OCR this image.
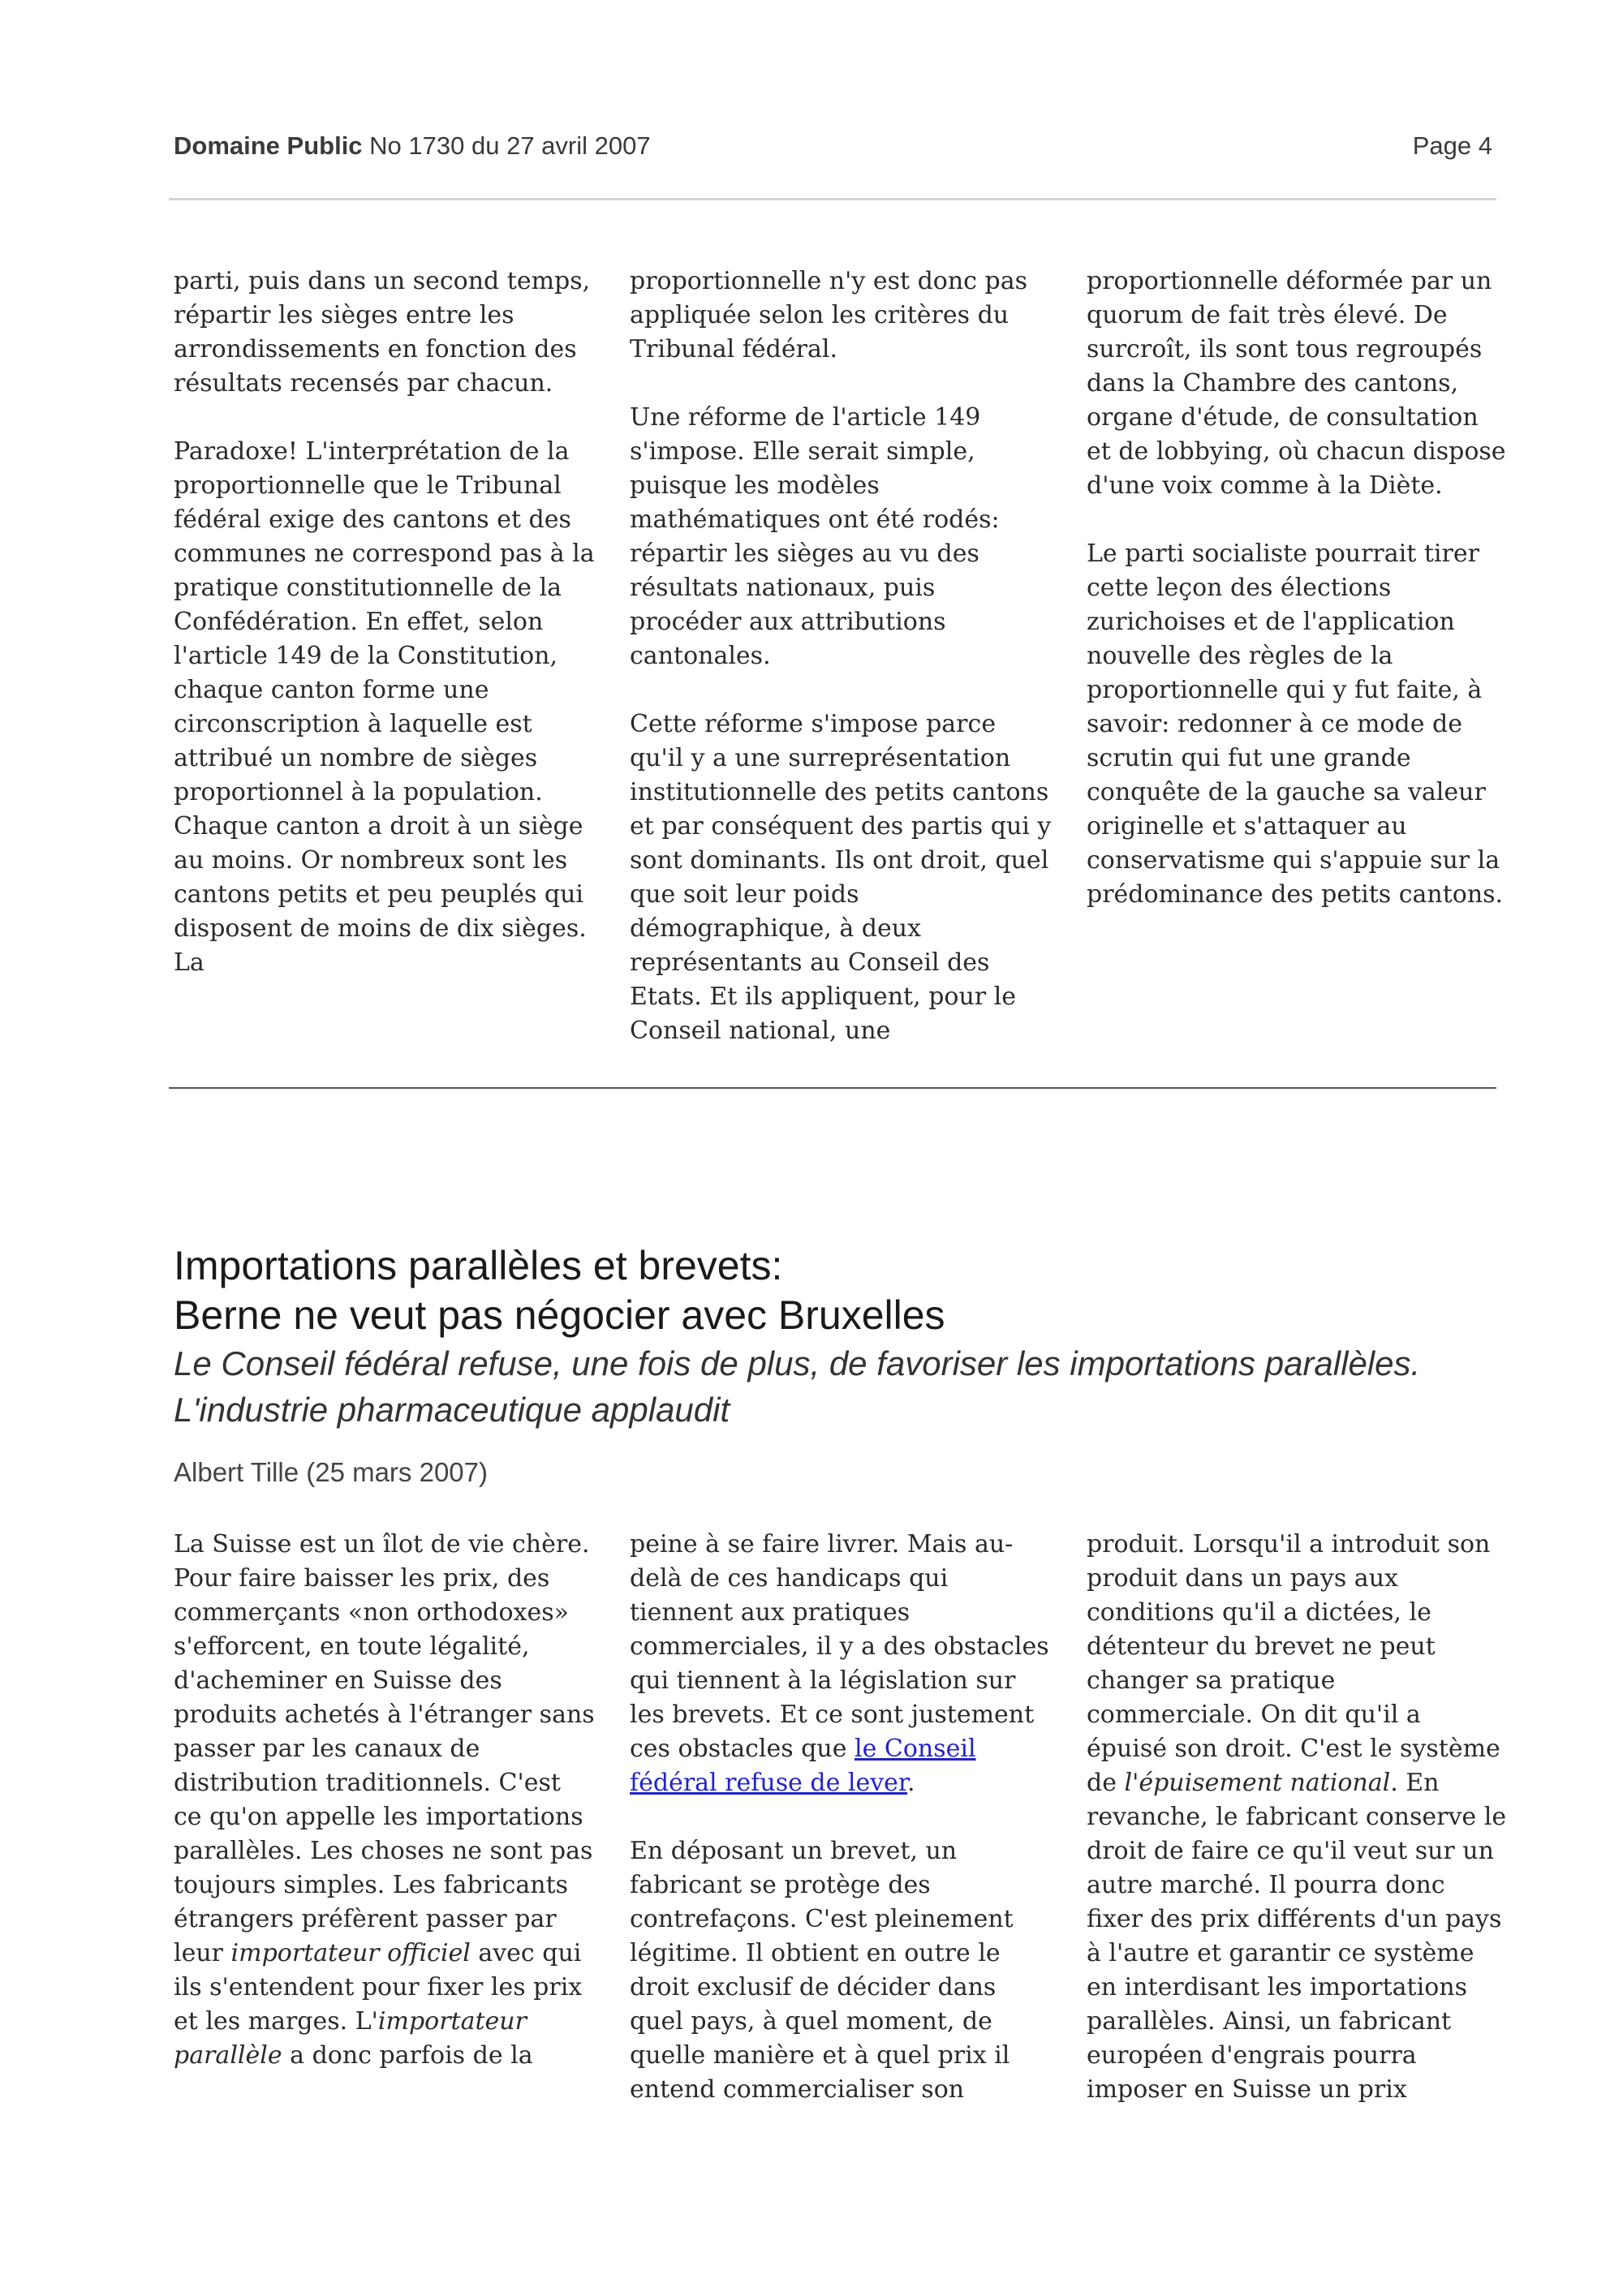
Domaine Public No 1730 du 27 avril 2007	Page 4

parti, puis dans un second temps, répartir les sièges entre les arrondissements en fonction des résultats recensés par chacun.

Paradoxe! L'interprétation de la proportionnelle que le Tribunal fédéral exige des cantons et des communes ne correspond pas à la pratique constitutionnelle de la Confédération. En effet, selon l'article 149 de la Constitution, chaque canton forme une circonscription à laquelle est attribué un nombre de sièges proportionnel à la population. Chaque canton a droit à un siège au moins. Or nombreux sont les cantons petits et peu peuplés qui disposent de moins de dix sièges. La

proportionnelle n'y est donc pas appliquée selon les critères du Tribunal fédéral.

Une réforme de l'article 149 s'impose. Elle serait simple, puisque les modèles mathématiques ont été rodés: répartir les sièges au vu des résultats nationaux, puis procéder aux attributions cantonales.

Cette réforme s'impose parce qu'il y a une surreprésentation institutionnelle des petits cantons et par conséquent des partis qui y sont dominants. Ils ont droit, quel que soit leur poids démographique, à deux représentants au Conseil des Etats. Et ils appliquent, pour le Conseil national, une

proportionnelle déformée par un quorum de fait très élevé. De surcroît, ils sont tous regroupés dans la Chambre des cantons, organe d'étude, de consultation et de lobbying, où chacun dispose d'une voix comme à la Diète.

Le parti socialiste pourrait tirer cette leçon des élections zurichoises et de l'application nouvelle des règles de la proportionnelle qui y fut faite, à savoir: redonner à ce mode de scrutin qui fut une grande conquête de la gauche sa valeur originelle et s'attaquer au conservatisme qui s'appuie sur la prédominance des petits cantons.

Importations parallèles et brevets:
Berne ne veut pas négocier avec Bruxelles
Le Conseil fédéral refuse, une fois de plus, de favoriser les importations parallèles. L'industrie pharmaceutique applaudit
Albert Tille (25 mars 2007)

La Suisse est un îlot de vie chère. Pour faire baisser les prix, des commerçants «non orthodoxes» s'efforcent, en toute légalité, d'acheminer en Suisse des produits achetés à l'étranger sans passer par les canaux de distribution traditionnels. C'est ce qu'on appelle les importations parallèles. Les choses ne sont pas toujours simples. Les fabricants étrangers préfèrent passer par leur importateur officiel avec qui ils s'entendent pour fixer les prix et les marges. L'importateur parallèle a donc parfois de la

peine à se faire livrer. Mais au-delà de ces handicaps qui tiennent aux pratiques commerciales, il y a des obstacles qui tiennent à la législation sur les brevets. Et ce sont justement ces obstacles que le Conseil fédéral refuse de lever.

En déposant un brevet, un fabricant se protège des contrefaçons. C'est pleinement légitime. Il obtient en outre le droit exclusif de décider dans quel pays, à quel moment, de quelle manière et à quel prix il entend commercialiser son

produit. Lorsqu'il a introduit son produit dans un pays aux conditions qu'il a dictées, le détenteur du brevet ne peut changer sa pratique commerciale. On dit qu'il a épuisé son droit. C'est le système de l'épuisement national. En revanche, le fabricant conserve le droit de faire ce qu'il veut sur un autre marché. Il pourra donc fixer des prix différents d'un pays à l'autre et garantir ce système en interdisant les importations parallèles. Ainsi, un fabricant européen d'engrais pourra imposer en Suisse un prix
